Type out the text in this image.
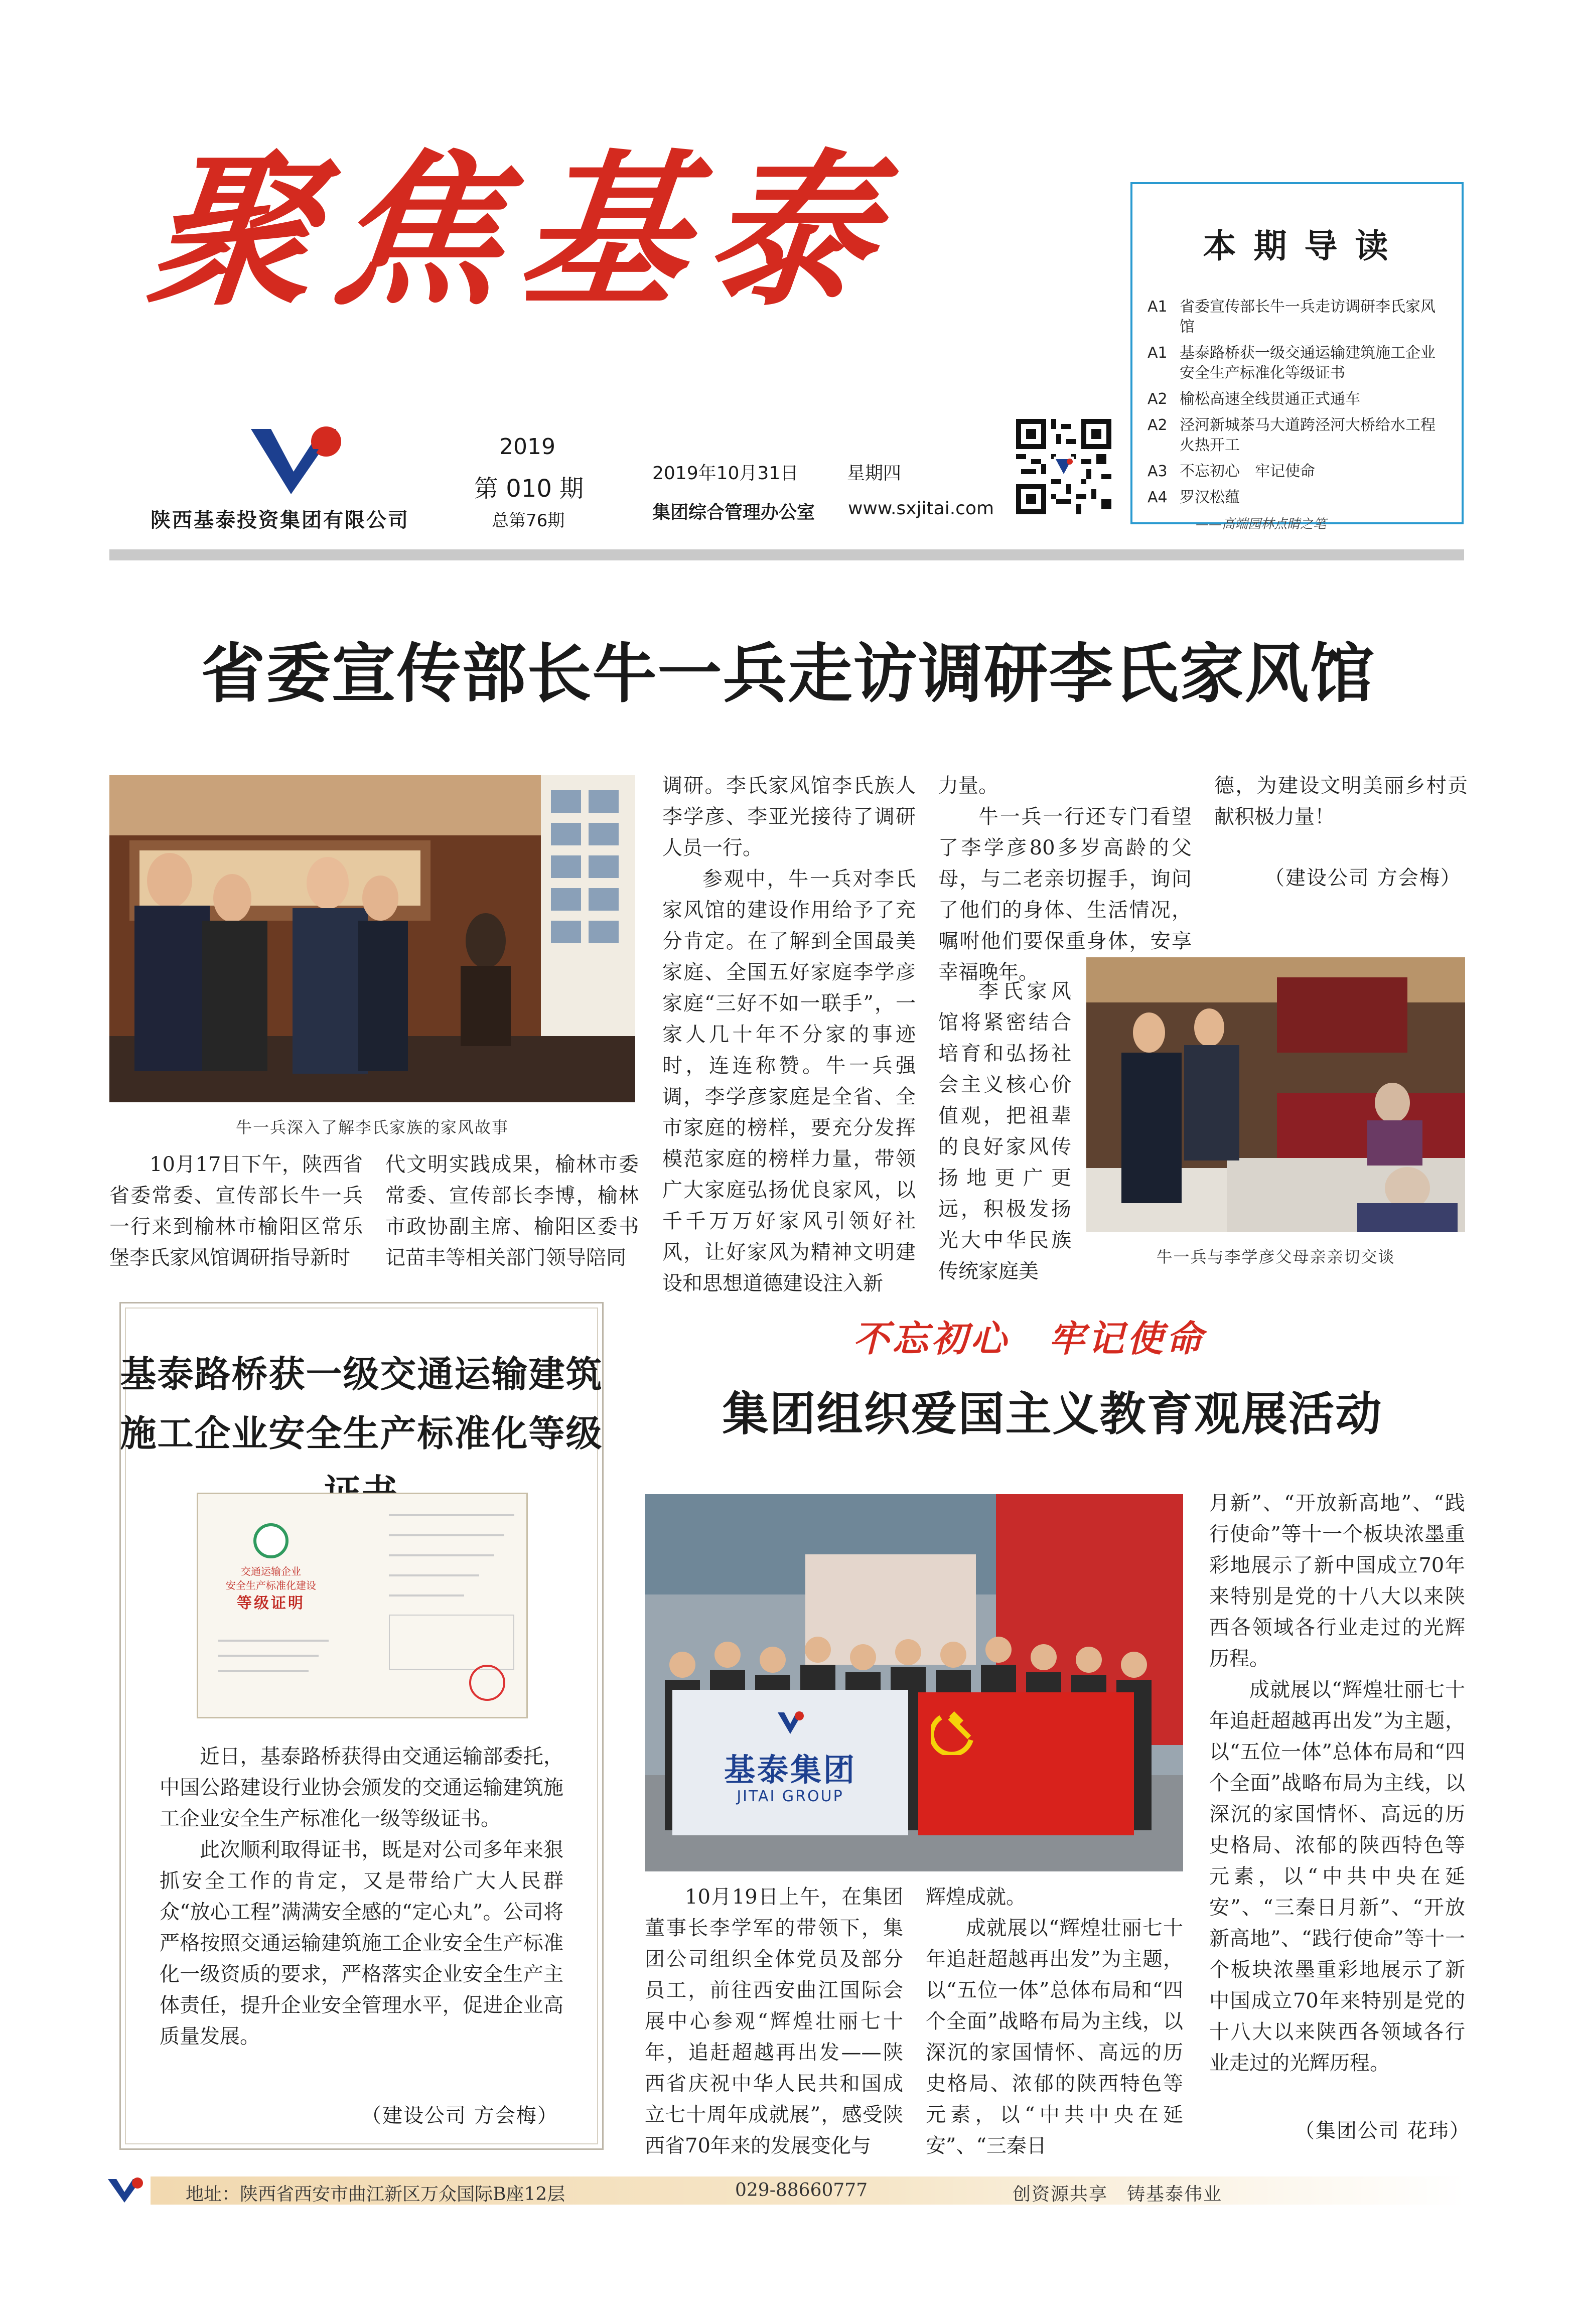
聚焦基泰
陕西基泰投资集团有限公司
2019
第 010 期
总第76期
2019年10月31日	星期四
集团综合管理办公室 www.sxjitai.com
本 期 导 读
A1 省委宣传部长牛一兵走访调研李氏家风馆
A1 基泰路桥获一级交通运输建筑施工企业安全生产标准化等级证书
A2 榆松高速全线贯通正式通车
A2 泾河新城茶马大道跨泾河大桥给水工程火热开工
A3 不忘初心　牢记使命
A4 罗汉松蕴
——高端园林点睛之笔
省委宣传部长牛一兵走访调研李氏家风馆
牛一兵深入了解李氏家族的家风故事

10月17日下午，陕西省省委常委、宣传部长牛一兵一行来到榆林市榆阳区常乐堡李氏家风馆调研指导新时

代文明实践成果，榆林市委常委、宣传部长李博，榆林市政协副主席、榆阳区委书记苗丰等相关部门领导陪同

调研。李氏家风馆李氏族人李学彦、李亚光接待了调研人员一行。

参观中，牛一兵对李氏家风馆的建设作用给予了充分肯定。在了解到全国最美家庭、全国五好家庭李学彦家庭“三好不如一联手”，一家人几十年不分家的事迹时，连连称赞。牛一兵强调，李学彦家庭是全省、全市家庭的榜样，要充分发挥模范家庭的榜样力量，带领广大家庭弘扬优良家风，以千千万万好家风引领好社风，让好家风为精神文明建设和思想道德建设注入新

力量。

牛一兵一行还专门看望了李学彦80多岁高龄的父母，与二老亲切握手，询问了他们的身体、生活情况，嘱咐他们要保重身体，安享幸福晚年。

李氏家风馆将紧密结合培育和弘扬社会主义核心价值观，把祖辈的良好家风传扬地更广更远，积极发扬光大中华民族传统家庭美

德，为建设文明美丽乡村贡献积极力量！

（建设公司 方会梅）
牛一兵与李学彦父母亲亲切交谈
基泰路桥获一级交通运输建筑
施工企业安全生产标准化等级
交通运输企业
安全生产标准化建设
等级证明

近日，基泰路桥获得由交通运输部委托，中国公路建设行业协会颁发的交通运输建筑施工企业安全生产标准化一级等级证书。

此次顺利取得证书，既是对公司多年来狠抓安全工作的肯定，又是带给广大人民群众“放心工程”满满安全感的“定心丸”。公司将严格按照交通运输建筑施工企业安全生产标准化一级资质的要求，严格落实企业安全生产主体责任，提升企业安全管理水平，促进企业高质量发展。

（建设公司 方会梅）
不忘初心　牢记使命
集团组织爱国主义教育观展活动
基泰集团
JITAI GROUP

10月19日上午，在集团董事长李学军的带领下，集团公司组织全体党员及部分员工，前往西安曲江国际会展中心参观“辉煌壮丽七十年，追赶超越再出发——陕西省庆祝中华人民共和国成立七十周年成就展”，感受陕西省70年来的发展变化与

辉煌成就。

成就展以“辉煌壮丽七十年追赶超越再出发”为主题，以“五位一体”总体布局和“四个全面”战略布局为主线，以深沉的家国情怀、高远的历史格局、浓郁的陕西特色等元素，以“中共中央在延安”、“三秦日

月新”、“开放新高地”、“践行使命”等十一个板块浓墨重彩地展示了新中国成立70年来特别是党的十八大以来陕西各领域各行业走过的光辉历程。

成就展以“辉煌壮丽七十年追赶超越再出发”为主题，以“五位一体”总体布局和“四个全面”战略布局为主线，以深沉的家国情怀、高远的历史格局、浓郁的陕西特色等元素，以“中共中央在延安”、“三秦日月新”、“开放新高地”、“践行使命”等十一个板块浓墨重彩地展示了新中国成立70年来特别是党的十八大以来陕西各领域各行业走过的光辉历程。

（集团公司 花玮）
地址：陕西省西安市曲江新区万众国际B座12层	029-88660777	创资源共享　铸基泰伟业
